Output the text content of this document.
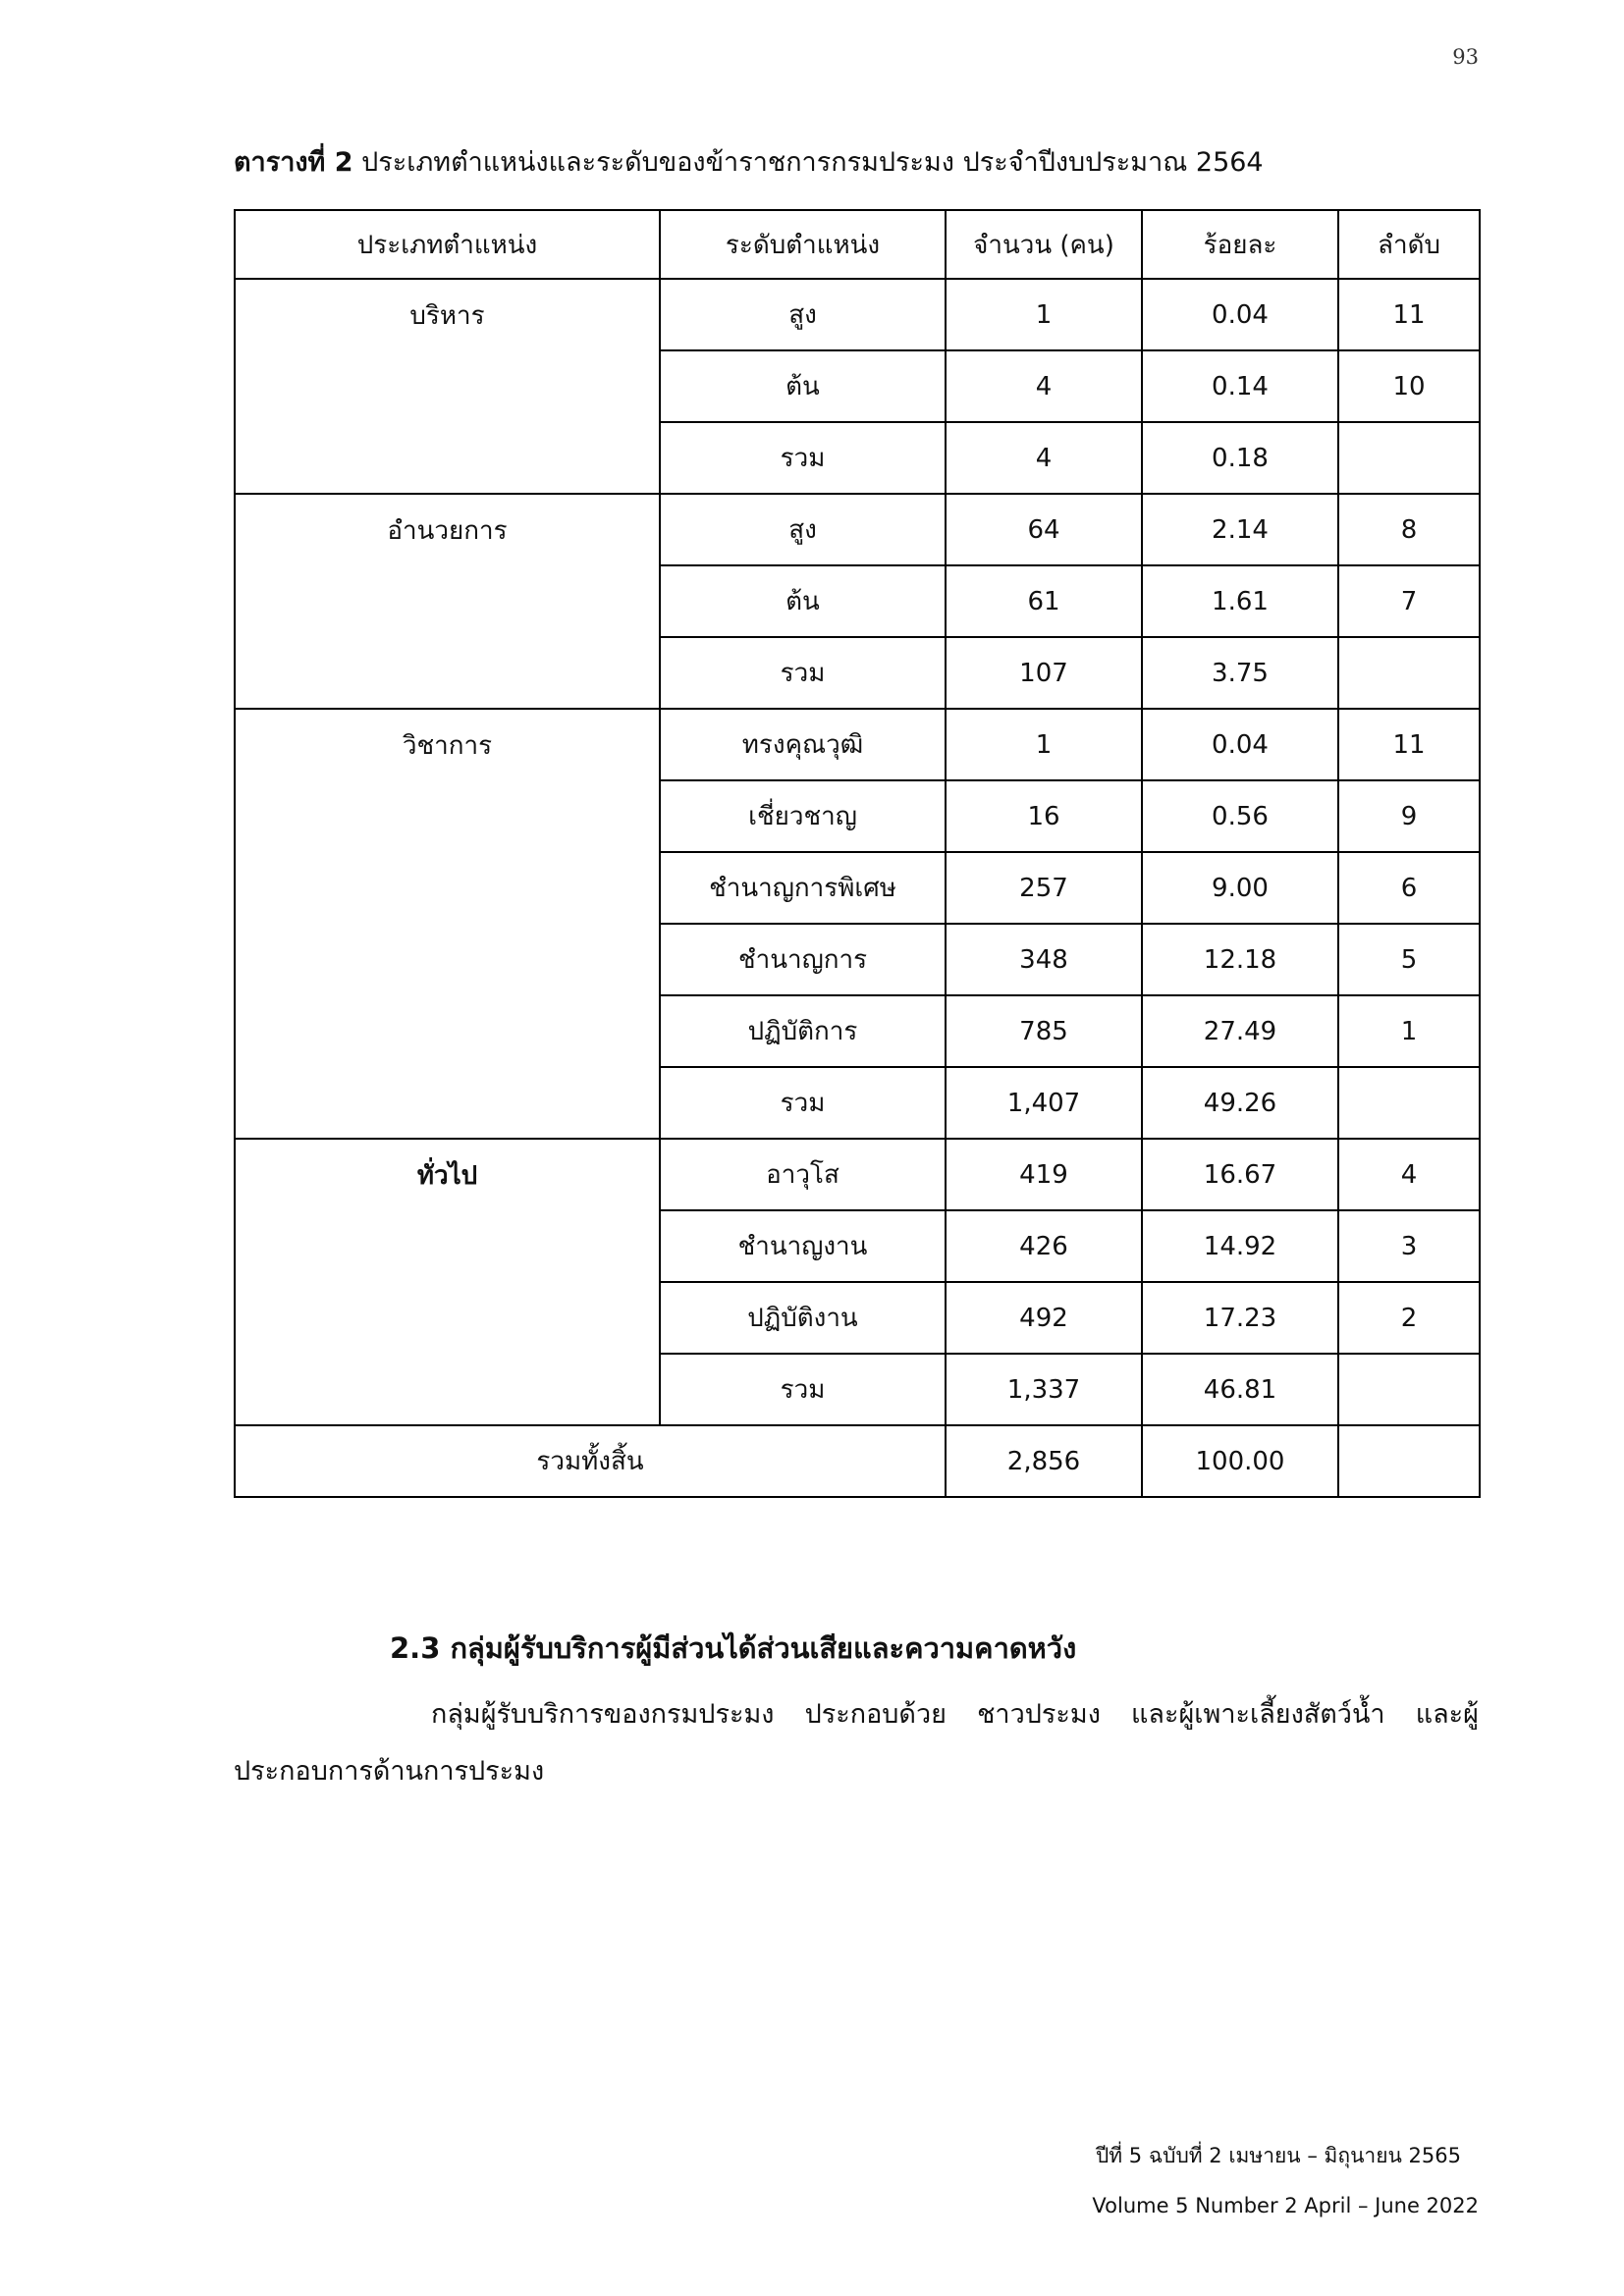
93
ตารางที่ 2 ประเภทตำแหน่งและระดับของข้าราชการกรมประมง ประจำปีงบประมาณ 2564
ประเภทตำแหน่ง	ระดับตำแหน่ง	จำนวน (คน)	ร้อยละ	ลำดับ
บริหาร	สูง	1	0.04	11
	ต้น	4	0.14	10
	รวม	4	0.18	
อำนวยการ	สูง	64	2.14	8
	ต้น	61	1.61	7
	รวม	107	3.75	
วิชาการ	ทรงคุณวุฒิ	1	0.04	11
	เชี่ยวชาญ	16	0.56	9
	ชำนาญการพิเศษ	257	9.00	6
	ชำนาญการ	348	12.18	5
	ปฏิบัติการ	785	27.49	1
	รวม	1,407	49.26	
ทั่วไป	อาวุโส	419	16.67	4
	ชำนาญงาน	426	14.92	3
	ปฏิบัติงาน	492	17.23	2
	รวม	1,337	46.81	
รวมทั้งสิ้น		2,856	100.00	
2.3 กลุ่มผู้รับบริการผู้มีส่วนได้ส่วนเสียและความคาดหวัง
กลุ่มผู้รับบริการของกรมประมง ประกอบด้วย ชาวประมง และผู้เพาะเลี้ยงสัตว์น้ำ และผู้ประกอบการด้านการประมง
ปีที่ 5 ฉบับที่ 2 เมษายน – มิถุนายน 2565
Volume 5 Number 2 April – June 2022
